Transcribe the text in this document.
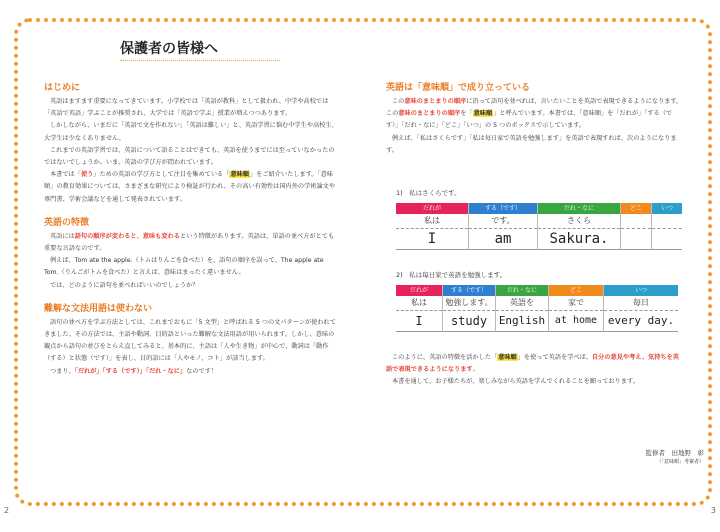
2	3
保護者の皆様へ
はじめに

英語はますます重要になってきています。小学校では「英語が教科」として扱われ、中学や高校では「英語で英語」学ぶことが推奨され、大学では「英語で学ぶ」授業が増えつつあります。

しかしながら、いまだに「英語で文を作れない」「英語は難しい」と、英語学習に悩む中学生や高校生、大学生は少なくありません。

これまでの英語学習では、英語について語ることはできても、英語を使うまでには至っていなかったのではないでしょうか。いま、英語の学び方が問われています。

本書では「使う」ための英語の学び方として注目を集めている「意味順」をご紹介いたします。「意味順」の教育効果については、さまざまな研究により検証が行われ、その高い有効性は国内外の学術論文や専門書、学術会議などを通して発表されています。

英語の特徴

英語には語句の順序が変わると、意味も変わるという特徴があります。英語は、単語の並べ方がとても重要な言語なのです。

例えば、Tom ate the apple.（トムはりんごを食べた）を、語句の順序を誤って、The apple ate Tom.（りんごがトムを食べた）と言えば、意味はまったく違いません。

では、どのように語句を並べればいいのでしょうか？

難解な文法用語は使わない

語句の並べ方を学ぶ方法としては、これまでおもに「5 文型」と呼ばれる 5 つの文パターンが使われてきました。その方法では、主語や動詞、目的語といった難解な文法用語が用いられます。しかし、意味の観点から語句の並びをとらえ直してみると、基本的に、主語は「人や生き物」が中心で、動詞は「動作（する）と状態（です）」を表し、目的語には「人やモノ、コト」が該当します。

つまり、「だれが」「する（です）」「だれ・なに」なのです！

英語は「意味順」で成り立っている

この意味のまとまりの順序に沿って語句を並べれば、言いたいことを英語で表現できるようになります。この意味のまとまりの順序を「意味順」と呼んでいます。本書では、「意味順」を「だれが」「する（です）」「だれ・なに」「どこ」「いつ」の 5 つのボックスで示しています。

例えば、「私はさくらです」「私は毎日家で英語を勉強します」を英語で表現すれば、次のようになります。

1)　私はさくらです。
だれが
私は
I
する（です）
です。
am
だれ・なに
さくら
Sakura.
どこ	いつ
2)　私は毎日家で英語を勉強します。
だれが
私は
I
する（です）
勉強します。
study
だれ・なに
英語を
English
どこ
家で
at home
いつ
毎日
every day.

このように、英語の特徴を活かした「意味順」を使って英語を学べば、自分の意見や考え、気持ちを英語で表現できるようになります。

本書を通して、お子様たちが、楽しみながら英語を学んでくれることを願っております。

監修者　田地野　彰
（「意味順」考案者）
